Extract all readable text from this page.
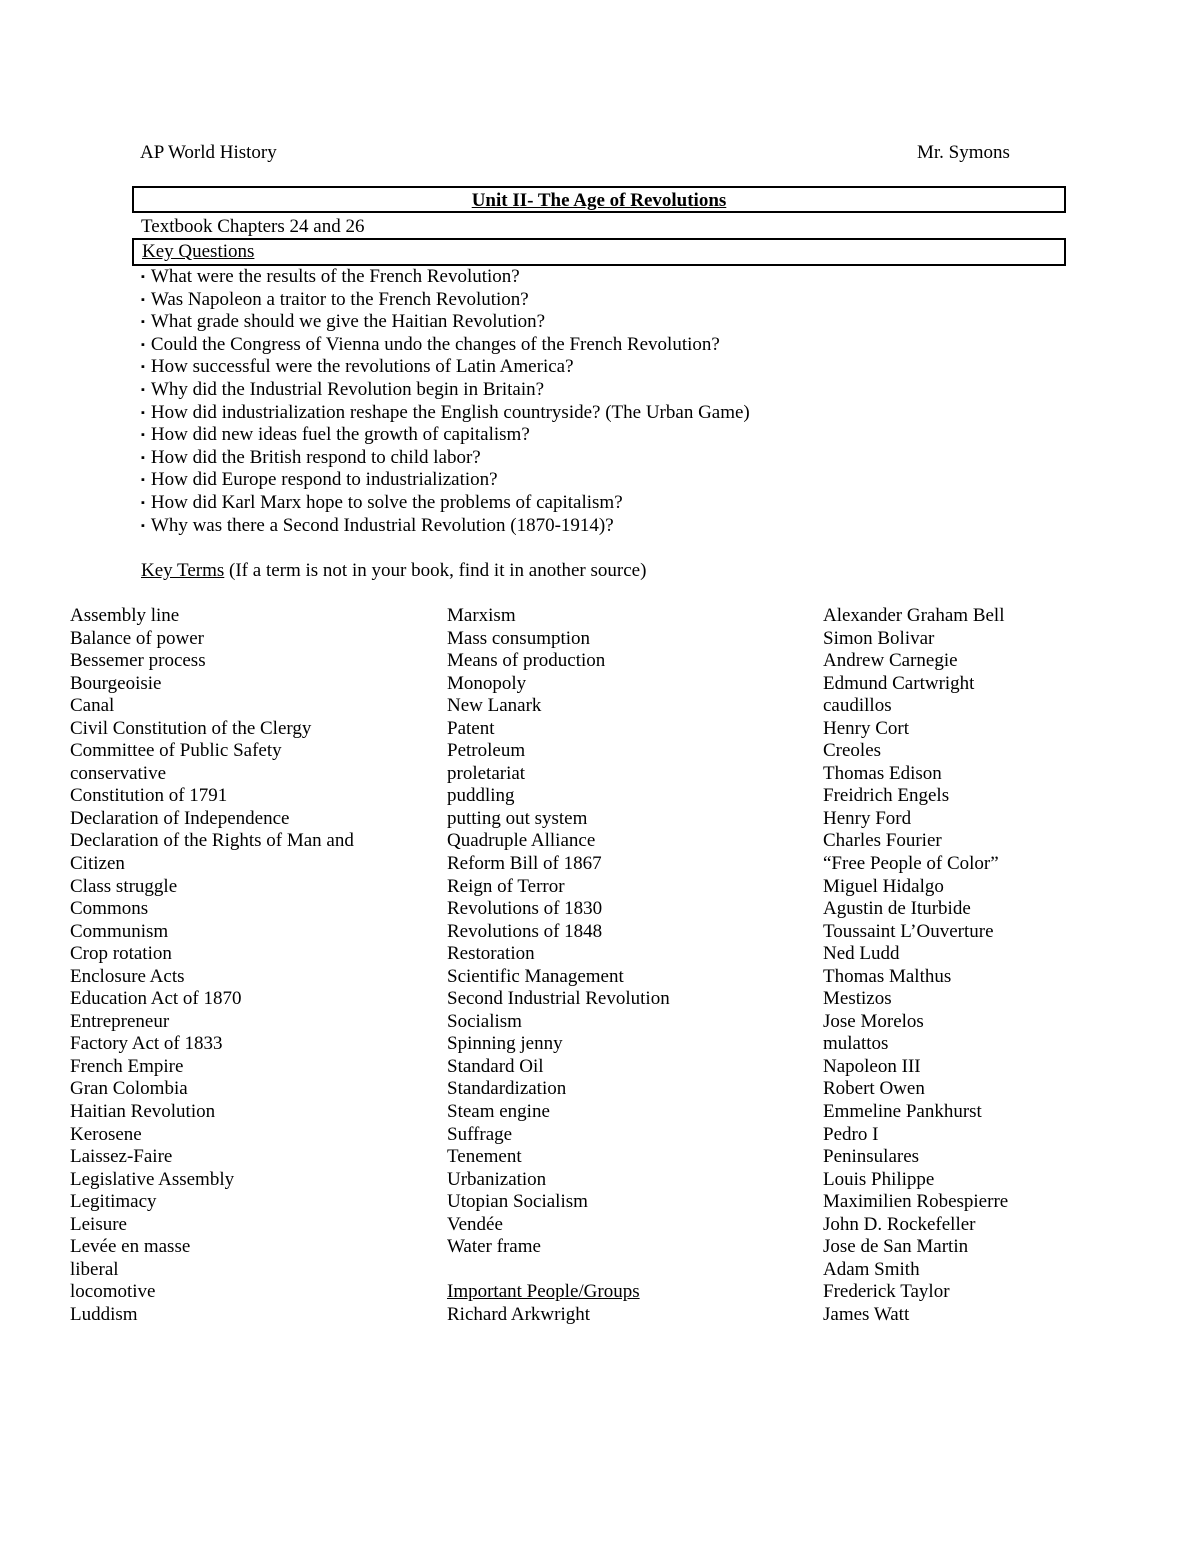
AP World History	Mr. Symons
Unit II- The Age of Revolutions
Textbook Chapters 24 and 26
Key Questions
▪ What were the results of the French Revolution?
▪ Was Napoleon a traitor to the French Revolution?
▪ What grade should we give the Haitian Revolution?
▪ Could the Congress of Vienna undo the changes of the French Revolution?
▪ How successful were the revolutions of Latin America?
▪ Why did the Industrial Revolution begin in Britain?
▪ How did industrialization reshape the English countryside? (The Urban Game)
▪ How did new ideas fuel the growth of capitalism?
▪ How did the British respond to child labor?
▪ How did Europe respond to industrialization?
▪ How did Karl Marx hope to solve the problems of capitalism?
▪ Why was there a Second Industrial Revolution (1870-1914)?
Key Terms (If a term is not in your book, find it in another source)
Assembly line
Balance of power
Bessemer process
Bourgeoisie
Canal
Civil Constitution of the Clergy
Committee of Public Safety
conservative
Constitution of 1791
Declaration of Independence
Declaration of the Rights of Man and
Citizen
Class struggle
Commons
Communism
Crop rotation
Enclosure Acts
Education Act of 1870
Entrepreneur
Factory Act of 1833
French Empire
Gran Colombia
Haitian Revolution
Kerosene
Laissez-Faire
Legislative Assembly
Legitimacy
Leisure
Levée en masse
liberal
locomotive
Luddism
Marxism
Mass consumption
Means of production
Monopoly
New Lanark
Patent
Petroleum
proletariat
puddling
putting out system
Quadruple Alliance
Reform Bill of 1867
Reign of Terror
Revolutions of 1830
Revolutions of 1848
Restoration
Scientific Management
Second Industrial Revolution
Socialism
Spinning jenny
Standard Oil
Standardization
Steam engine
Suffrage
Tenement
Urbanization
Utopian Socialism
Vendée
Water frame
Important People/Groups
Richard Arkwright
Alexander Graham Bell
Simon Bolivar
Andrew Carnegie
Edmund Cartwright
caudillos
Henry Cort
Creoles
Thomas Edison
Freidrich Engels
Henry Ford
Charles Fourier
“Free People of Color”
Miguel Hidalgo
Agustin de Iturbide
Toussaint L’Ouverture
Ned Ludd
Thomas Malthus
Mestizos
Jose Morelos
mulattos
Napoleon III
Robert Owen
Emmeline Pankhurst
Pedro I
Peninsulares
Louis Philippe
Maximilien Robespierre
John D. Rockefeller
Jose de San Martin
Adam Smith
Frederick Taylor
James Watt
